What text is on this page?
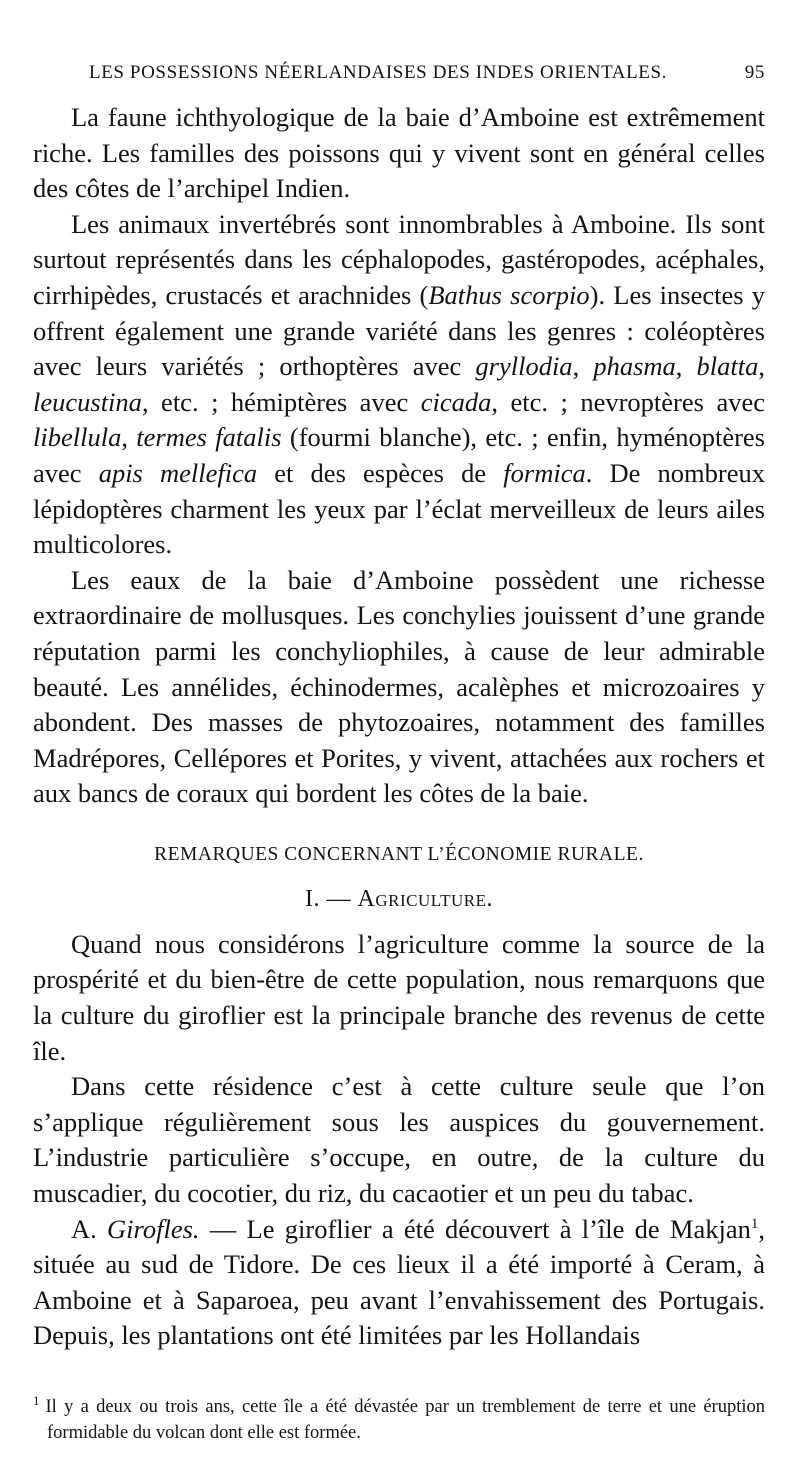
LES POSSESSIONS NÉERLANDAISES DES INDES ORIENTALES.	95

La faune ichthyologique de la baie d’Amboine est extrêmement riche. Les familles des poissons qui y vivent sont en général celles des côtes de l’archipel Indien.

Les animaux invertébrés sont innombrables à Amboine. Ils sont surtout représentés dans les céphalopodes, gastéropodes, acéphales, cirrhipèdes, crustacés et arachnides (Bathus scorpio). Les insectes y offrent également une grande variété dans les genres : coléoptères avec leurs variétés ; orthoptères avec gryllodia, phasma, blatta, leucustina, etc. ; hémiptères avec cicada, etc. ; nevroptères avec libellula, termes fatalis (fourmi blanche), etc. ; enfin, hyménoptères avec apis mellefica et des espèces de formica. De nombreux lépidoptères charment les yeux par l’éclat merveilleux de leurs ailes multicolores.

Les eaux de la baie d’Amboine possèdent une richesse extraordinaire de mollusques. Les conchylies jouissent d’une grande réputation parmi les conchyliophiles, à cause de leur admirable beauté. Les annélides, échinodermes, acalèphes et microzoaires y abondent. Des masses de phytozoaires, notamment des familles Madrépores, Cellépores et Porites, y vivent, attachées aux rochers et aux bancs de coraux qui bordent les côtes de la baie.

REMARQUES CONCERNANT L’ÉCONOMIE RURALE.
I. — Agriculture.

Quand nous considérons l’agriculture comme la source de la prospérité et du bien-être de cette population, nous remarquons que la culture du giroflier est la principale branche des revenus de cette île.

Dans cette résidence c’est à cette culture seule que l’on s’applique régulièrement sous les auspices du gouvernement. L’industrie particulière s’occupe, en outre, de la culture du muscadier, du cocotier, du riz, du cacaotier et un peu du tabac.

A. Girofles. — Le giroflier a été découvert à l’île de Makjan$^1$, située au sud de Tidore. De ces lieux il a été importé à Ceram, à Amboine et à Saparoea, peu avant l’envahissement des Portugais. Depuis, les plantations ont été limitées par les Hollandais

$^1$ Il y a deux ou trois ans, cette île a été dévastée par un tremblement de terre et une éruption formidable du volcan dont elle est formée.
